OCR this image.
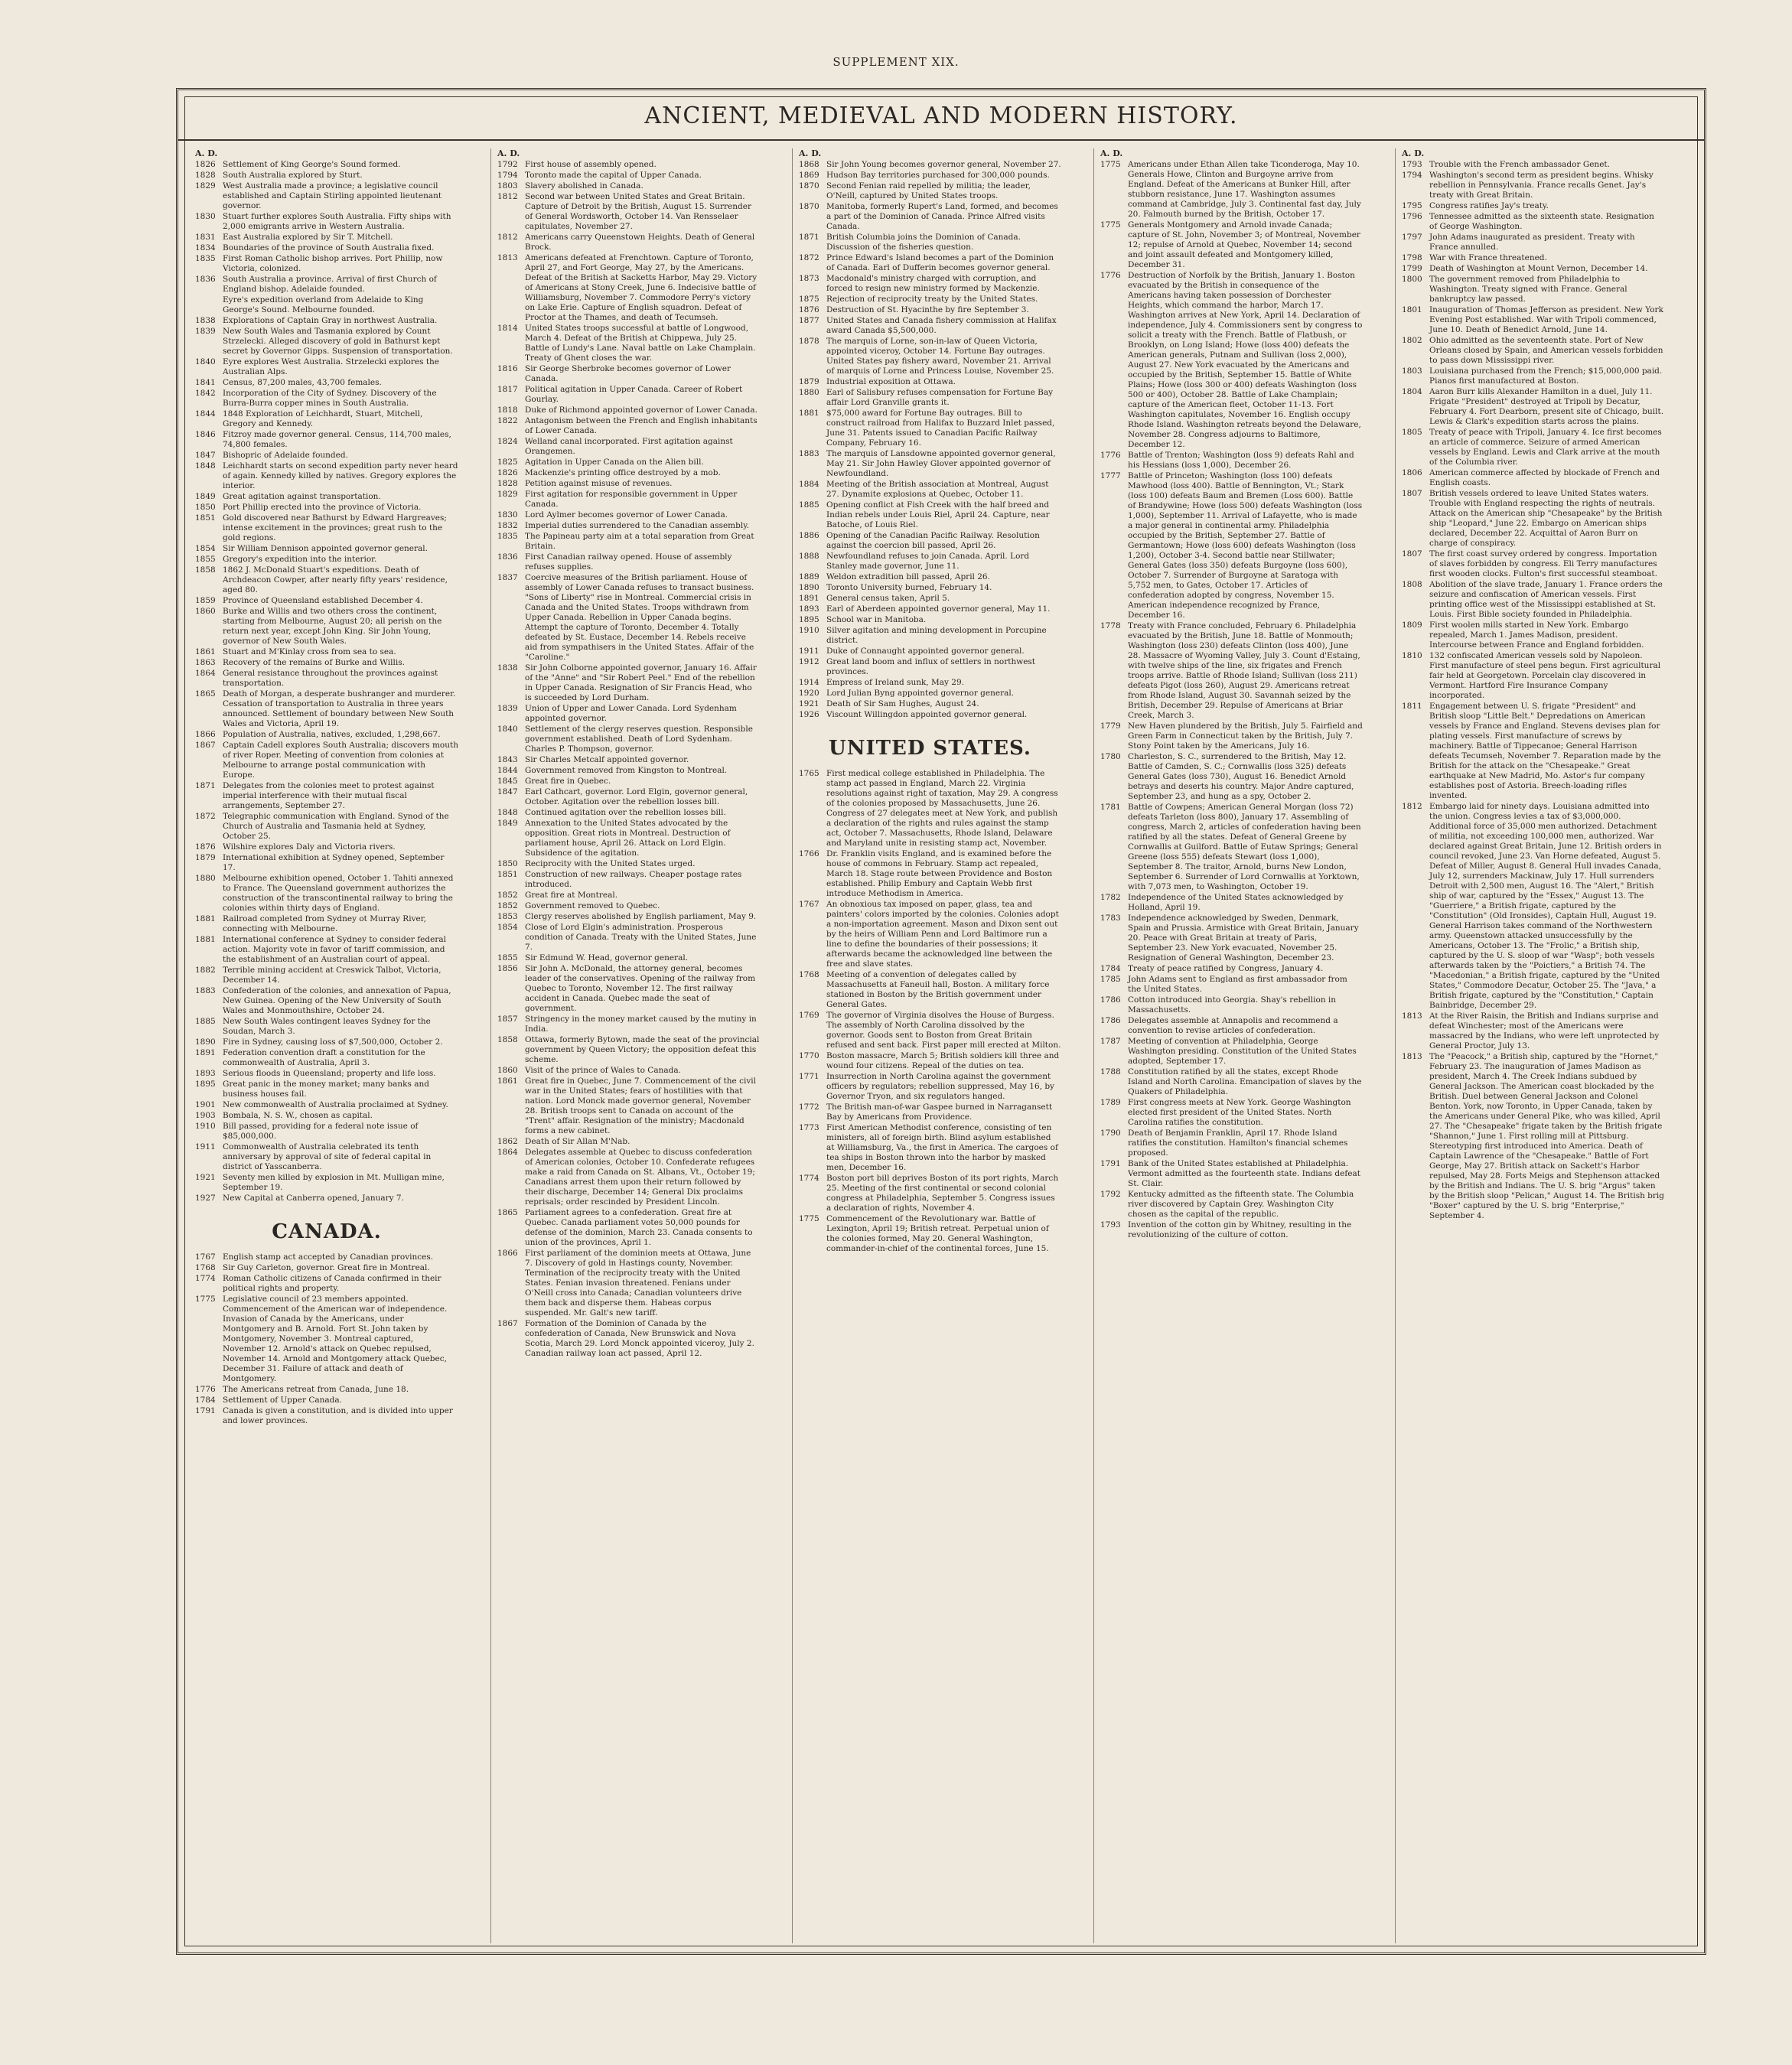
SUPPLEMENT XIX.
ANCIENT, MEDIEVAL AND MODERN HISTORY.
A. D.
1826 Settlement of King George's Sound formed.
1828 South Australia explored by Sturt.
1829 West Australia made a province; a legislative council established and Captain Stirling appointed lieutenant governor.
1830 Stuart further explores South Australia. Fifty ships with 2,000 emigrants arrive in Western Australia.
1831 East Australia explored by Sir T. Mitchell.
1834 Boundaries of the province of South Australia fixed.
1835 First Roman Catholic bishop arrives. Port Phillip, now Victoria, colonized.
1836 South Australia a province. Arrival of first Church of England bishop. Adelaide founded.
Eyre's expedition overland from Adelaide to King George's Sound. Melbourne founded.
1838 Explorations of Captain Gray in northwest Australia.
1839 New South Wales and Tasmania explored by Count Strzelecki. Alleged discovery of gold in Bathurst kept secret by Governor Gipps. Suspension of transportation.
1840 Eyre explores West Australia. Strzelecki explores the Australian Alps.
1841 Census, 87,200 males, 43,700 females.
1842 Incorporation of the City of Sydney. Discovery of the Burra-Burra copper mines in South Australia.
1844 1848 Exploration of Leichhardt, Stuart, Mitchell, Gregory and Kennedy.
1846 Fitzroy made governor general. Census, 114,700 males, 74,800 females.
1847 Bishopric of Adelaide founded.
1848 Leichhardt starts on second expedition party never heard of again. Kennedy killed by natives. Gregory explores the interior.
1849 Great agitation against transportation.
1850 Port Phillip erected into the province of Victoria.
1851 Gold discovered near Bathurst by Edward Hargreaves; intense excitement in the provinces; great rush to the gold regions.
1854 Sir William Dennison appointed governor general.
1855 Gregory's expedition into the interior.
1858 1862 J. McDonald Stuart's expeditions. Death of Archdeacon Cowper, after nearly fifty years' residence, aged 80.
1859 Province of Queensland established December 4.
1860 Burke and Willis and two others cross the continent, starting from Melbourne, August 20; all perish on the return next year, except John King. Sir John Young, governor of New South Wales.
1861 Stuart and M'Kinlay cross from sea to sea.
1863 Recovery of the remains of Burke and Willis.
1864 General resistance throughout the provinces against transportation.
1865 Death of Morgan, a desperate bushranger and murderer. Cessation of transportation to Australia in three years announced. Settlement of boundary between New South Wales and Victoria, April 19.
1866 Population of Australia, natives, excluded, 1,298,667.
1867 Captain Cadell explores South Australia; discovers mouth of river Roper. Meeting of convention from colonies at Melbourne to arrange postal communication with Europe.
1871 Delegates from the colonies meet to protest against imperial interference with their mutual fiscal arrangements, September 27.
1872 Telegraphic communication with England. Synod of the Church of Australia and Tasmania held at Sydney, October 25.
1876 Wilshire explores Daly and Victoria rivers.
1879 International exhibition at Sydney opened, September 17.
1880 Melbourne exhibition opened, October 1. Tahiti annexed to France. The Queensland government authorizes the construction of the transcontinental railway to bring the colonies within thirty days of England.
1881 Railroad completed from Sydney ot Murray River, connecting with Melbourne.
1881 International conference at Sydney to consider federal action. Majority vote in favor of tariff commission, and the establishment of an Australian court of appeal.
1882 Terrible mining accident at Creswick Talbot, Victoria, December 14.
1883 Confederation of the colonies, and annexation of Papua, New Guinea. Opening of the New University of South Wales and Monmouthshire, October 24.
1885 New South Wales contingent leaves Sydney for the Soudan, March 3.
1890 Fire in Sydney, causing loss of $7,500,000, October 2.
1891 Federation convention draft a constitution for the commonwealth of Australia, April 3.
1893 Serious floods in Queensland; property and life loss.
1895 Great panic in the money market; many banks and business houses fail.
1901 New commonwealth of Australia proclaimed at Sydney.
1903 Bombala, N. S. W., chosen as capital.
1910 Bill passed, providing for a federal note issue of $85,000,000.
1911 Commonwealth of Australia celebrated its tenth anniversary by approval of site of federal capital in district of Yasscanberra.
1921 Seventy men killed by explosion in Mt. Mulligan mine, September 19.
1927 New Capital at Canberra opened, January 7.
CANADA.
1767 English stamp act accepted by Canadian provinces.
1768 Sir Guy Carleton, governor. Great fire in Montreal.
1774 Roman Catholic citizens of Canada confirmed in their political rights and property.
1775 Legislative council of 23 members appointed. Commencement of the American war of independence. Invasion of Canada by the Americans, under Montgomery and B. Arnold. Fort St. John taken by Montgomery, November 3. Montreal captured, November 12. Arnold's attack on Quebec repulsed, November 14. Arnold and Montgomery attack Quebec, December 31. Failure of attack and death of Montgomery.
1776 The Americans retreat from Canada, June 18.
1784 Settlement of Upper Canada.
1791 Canada is given a constitution, and is divided into upper and lower provinces.
A. D.
1792 First house of assembly opened.
1794 Toronto made the capital of Upper Canada.
1803 Slavery abolished in Canada.
1812 Second war between United States and Great Britain. Capture of Detroit by the British, August 15. Surrender of General Wordsworth, October 14. Van Rensselaer capitulates, November 27.
1812 Americans carry Queenstown Heights. Death of General Brock.
1813 Americans defeated at Frenchtown. Capture of Toronto, April 27, and Fort George, May 27, by the Americans. Defeat of the British at Sacketts Harbor, May 29. Victory of Americans at Stony Creek, June 6. Indecisive battle of Williamsburg, November 7. Commodore Perry's victory on Lake Erie. Capture of English squadron. Defeat of Proctor at the Thames, and death of Tecumseh.
1814 United States troops successful at battle of Longwood, March 4. Defeat of the British at Chippewa, July 25. Battle of Lundy's Lane. Naval battle on Lake Champlain. Treaty of Ghent closes the war.
1816 Sir George Sherbroke becomes governor of Lower Canada.
1817 Political agitation in Upper Canada. Career of Robert Gourlay.
1818 Duke of Richmond appointed governor of Lower Canada.
1822 Antagonism between the French and English inhabitants of Lower Canada.
1824 Welland canal incorporated. First agitation against Orangemen.
1825 Agitation in Upper Canada on the Alien bill.
1826 Mackenzie's printing office destroyed by a mob.
1828 Petition against misuse of revenues.
1829 First agitation for responsible government in Upper Canada.
1830 Lord Aylmer becomes governor of Lower Canada.
1832 Imperial duties surrendered to the Canadian assembly.
1835 The Papineau party aim at a total separation from Great Britain.
1836 First Canadian railway opened. House of assembly refuses supplies.
1837 Coercive measures of the British parliament. House of assembly of Lower Canada refuses to transact business. "Sons of Liberty" rise in Montreal. Commercial crisis in Canada and the United States. Troops withdrawn from Upper Canada. Rebellion in Upper Canada begins. Attempt the capture of Toronto, December 4. Totally defeated by St. Eustace, December 14. Rebels receive aid from sympathisers in the United States. Affair of the "Caroline."
1838 Sir John Colborne appointed governor, January 16. Affair of the "Anne" and "Sir Robert Peel." End of the rebellion in Upper Canada. Resignation of Sir Francis Head, who is succeeded by Lord Durham.
1839 Union of Upper and Lower Canada. Lord Sydenham appointed governor.
1840 Settlement of the clergy reserves question. Responsible government established. Death of Lord Sydenham. Charles P. Thompson, governor.
1843 Sir Charles Metcalf appointed governor.
1844 Government removed from Kingston to Montreal.
1845 Great fire in Quebec.
1847 Earl Cathcart, governor. Lord Elgin, governor general, October. Agitation over the rebellion losses bill.
1848 Continued agitation over the rebellion losses bill.
1849 Annexation to the United States advocated by the opposition. Great riots in Montreal. Destruction of parliament house, April 26. Attack on Lord Elgin. Subsidence of the agitation.
1850 Reciprocity with the United States urged.
1851 Construction of new railways. Cheaper postage rates introduced.
1852 Great fire at Montreal.
1852 Government removed to Quebec.
1853 Clergy reserves abolished by English parliament, May 9.
1854 Close of Lord Elgin's administration. Prosperous condition of Canada. Treaty with the United States, June 7.
1855 Sir Edmund W. Head, governor general.
1856 Sir John A. McDonald, the attorney general, becomes leader of the conservatives. Opening of the railway from Quebec to Toronto, November 12. The first railway accident in Canada. Quebec made the seat of government.
1857 Stringency in the money market caused by the mutiny in India.
1858 Ottawa, formerly Bytown, made the seat of the provincial government by Queen Victory; the opposition defeat this scheme.
1860 Visit of the prince of Wales to Canada.
1861 Great fire in Quebec, June 7. Commencement of the civil war in the United States; fears of hostilities with that nation. Lord Monck made governor general, November 28. British troops sent to Canada on account of the "Trent" affair. Resignation of the ministry; Macdonald forms a new cabinet.
1862 Death of Sir Allan M'Nab.
1864 Delegates assemble at Quebec to discuss confederation of American colonies, October 10. Confederate refugees make a raid from Canada on St. Albans, Vt., October 19; Canadians arrest them upon their return followed by their discharge, December 14; General Dix proclaims reprisals; order rescinded by President Lincoln.
1865 Parliament agrees to a confederation. Great fire at Quebec. Canada parliament votes 50,000 pounds for defense of the dominion, March 23. Canada consents to union of the provinces, April 1.
1866 First parliament of the dominion meets at Ottawa, June 7. Discovery of gold in Hastings county, November. Termination of the reciprocity treaty with the United States. Fenian invasion threatened. Fenians under O'Neill cross into Canada; Canadian volunteers drive them back and disperse them. Habeas corpus suspended. Mr. Galt's new tariff.
1867 Formation of the Dominion of Canada by the confederation of Canada, New Brunswick and Nova Scotia, March 29. Lord Monck appointed viceroy, July 2. Canadian railway loan act passed, April 12.
A. D.
1868 Sir John Young becomes governor general, November 27.
1869 Hudson Bay territories purchased for 300,000 pounds.
1870 Second Fenian raid repelled by militia; the leader, O'Neill, captured by United States troops.
1870 Manitoba, formerly Rupert's Land, formed, and becomes a part of the Dominion of Canada. Prince Alfred visits Canada.
1871 British Columbia joins the Dominion of Canada. Discussion of the fisheries question.
1872 Prince Edward's Island becomes a part of the Dominion of Canada. Earl of Dufferin becomes governor general.
1873 Macdonald's ministry charged with corruption, and forced to resign new ministry formed by Mackenzie.
1875 Rejection of reciprocity treaty by the United States.
1876 Destruction of St. Hyacinthe by fire September 3.
1877 United States and Canada fishery commission at Halifax award Canada $5,500,000.
1878 The marquis of Lorne, son-in-law of Queen Victoria, appointed viceroy, October 14. Fortune Bay outrages. United States pay fishery award, November 21. Arrival of marquis of Lorne and Princess Louise, November 25.
1879 Industrial exposition at Ottawa.
1880 Earl of Salisbury refuses compensation for Fortune Bay affair Lord Granville grants it.
1881 $75,000 award for Fortune Bay outrages. Bill to construct railroad from Halifax to Buzzard Inlet passed, June 31. Patents issued to Canadian Pacific Railway Company, February 16.
1883 The marquis of Lansdowne appointed governor general, May 21. Sir John Hawley Glover appointed governor of Newfoundland.
1884 Meeting of the British association at Montreal, August 27. Dynamite explosions at Quebec, October 11.
1885 Opening conflict at Fish Creek with the half breed and Indian rebels under Louis Riel, April 24. Capture, near Batoche, of Louis Riel.
1886 Opening of the Canadian Pacific Railway. Resolution against the coercion bill passed, April 26.
1888 Newfoundland refuses to join Canada. April. Lord Stanley made governor, June 11.
1889 Weldon extradition bill passed, April 26.
1890 Toronto University burned, February 14.
1891 General census taken, April 5.
1893 Earl of Aberdeen appointed governor general, May 11.
1895 School war in Manitoba.
1910 Silver agitation and mining development in Porcupine district.
1911 Duke of Connaught appointed governor general.
1912 Great land boom and influx of settlers in northwest provinces.
1914 Empress of Ireland sunk, May 29.
1920 Lord Julian Byng appointed governor general.
1921 Death of Sir Sam Hughes, August 24.
1926 Viscount Willingdon appointed governor general.
UNITED STATES.
1765 First medical college established in Philadelphia. The stamp act passed in England, March 22. Virginia resolutions against right of taxation, May 29. A congress of the colonies proposed by Massachusetts, June 26. Congress of 27 delegates meet at New York, and publish a declaration of the rights and rules against the stamp act, October 7. Massachusetts, Rhode Island, Delaware and Maryland unite in resisting stamp act, November.
1766 Dr. Franklin visits England, and is examined before the house of commons in February. Stamp act repealed, March 18. Stage route between Providence and Boston established. Philip Embury and Captain Webb first introduce Methodism in America.
1767 An obnoxious tax imposed on paper, glass, tea and painters' colors imported by the colonies. Colonies adopt a non-importation agreement. Mason and Dixon sent out by the heirs of William Penn and Lord Baltimore run a line to define the boundaries of their possessions; it afterwards became the acknowledged line between the free and slave states.
1768 Meeting of a convention of delegates called by Massachusetts at Faneuil hall, Boston. A military force stationed in Boston by the British government under General Gates.
1769 The governor of Virginia disolves the House of Burgess. The assembly of North Carolina dissolved by the governor. Goods sent to Boston from Great Britain refused and sent back. First paper mill erected at Milton.
1770 Boston massacre, March 5; British soldiers kill three and wound four citizens. Repeal of the duties on tea.
1771 Insurrection in North Carolina against the government officers by regulators; rebellion suppressed, May 16, by Governor Tryon, and six regulators hanged.
1772 The British man-of-war Gaspee burned in Narragansett Bay by Americans from Providence.
1773 First American Methodist conference, consisting of ten ministers, all of foreign birth. Blind asylum established at Williamsburg, Va., the first in America. The cargoes of tea ships in Boston thrown into the harbor by masked men, December 16.
1774 Boston port bill deprives Boston of its port rights, March 25. Meeting of the first continental or second colonial congress at Philadelphia, September 5. Congress issues a declaration of rights, November 4.
1775 Commencement of the Revolutionary war. Battle of Lexington, April 19; British retreat. Perpetual union of the colonies formed, May 20. General Washington, commander-in-chief of the continental forces, June 15.
A. D.
1775 Americans under Ethan Allen take Ticonderoga, May 10. Generals Howe, Clinton and Burgoyne arrive from England. Defeat of the Americans at Bunker Hill, after stubborn resistance, June 17. Washington assumes command at Cambridge, July 3. Continental fast day, July 20. Falmouth burned by the British, October 17.
1775 Generals Montgomery and Arnold invade Canada; capture of St. John, November 3; of Montreal, November 12; repulse of Arnold at Quebec, November 14; second and joint assault defeated and Montgomery killed, December 31.
1776 Destruction of Norfolk by the British, January 1. Boston evacuated by the British in consequence of the Americans having taken possession of Dorchester Heights, which command the harbor, March 17. Washington arrives at New York, April 14. Declaration of independence, July 4. Commissioners sent by congress to solicit a treaty with the French. Battle of Flatbush, or Brooklyn, on Long Island; Howe (loss 400) defeats the American generals, Putnam and Sullivan (loss 2,000), August 27. New York evacuated by the Americans and occupied by the British, September 15. Battle of White Plains; Howe (loss 300 or 400) defeats Washington (loss 500 or 400), October 28. Battle of Lake Champlain; capture of the American fleet, October 11-13. Fort Washington capitulates, November 16. English occupy Rhode Island. Washington retreats beyond the Delaware, November 28. Congress adjourns to Baltimore, December 12.
1776 Battle of Trenton; Washington (loss 9) defeats Rahl and his Hessians (loss 1,000), December 26.
1777 Battle of Princeton; Washington (loss 100) defeats Mawhood (loss 400). Battle of Bennington, Vt.; Stark (loss 100) defeats Baum and Bremen (Loss 600). Battle of Brandywine; Howe (loss 500) defeats Washington (loss 1,000), September 11. Arrival of Lafayette, who is made a major general in continental army. Philadelphia occupied by the British, September 27. Battle of Germantown; Howe (loss 600) defeats Washington (loss 1,200), October 3-4. Second battle near Stillwater; General Gates (loss 350) defeats Burgoyne (loss 600), October 7. Surrender of Burgoyne at Saratoga with 5,752 men, to Gates, October 17. Articles of confederation adopted by congress, November 15. American independence recognized by France, December 16.
1778 Treaty with France concluded, February 6. Philadelphia evacuated by the British, June 18. Battle of Monmouth; Washington (loss 230) defeats Clinton (loss 400), June 28. Massacre of Wyoming Valley, July 3. Count d'Estaing, with twelve ships of the line, six frigates and French troops arrive. Battle of Rhode Island; Sullivan (loss 211) defeats Pigot (loss 260), August 29. Americans retreat from Rhode Island, August 30. Savannah seized by the British, December 29. Repulse of Americans at Briar Creek, March 3.
1779 New Haven plundered by the British, July 5. Fairfield and Green Farm in Connecticut taken by the British, July 7. Stony Point taken by the Americans, July 16.
1780 Charleston, S. C., surrendered to the British, May 12. Battle of Camden, S. C.; Cornwallis (loss 325) defeats General Gates (loss 730), August 16. Benedict Arnold betrays and deserts his country. Major Andre captured, September 23, and hung as a spy, October 2.
1781 Battle of Cowpens; American General Morgan (loss 72) defeats Tarleton (loss 800), January 17. Assembling of congress, March 2, articles of confederation having been ratified by all the states. Defeat of General Greene by Cornwallis at Guilford. Battle of Eutaw Springs; General Greene (loss 555) defeats Stewart (loss 1,000), September 8. The traitor, Arnold, burns New London, September 6. Surrender of Lord Cornwallis at Yorktown, with 7,073 men, to Washington, October 19.
1782 Independence of the United States acknowledged by Holland, April 19.
1783 Independence acknowledged by Sweden, Denmark, Spain and Prussia. Armistice with Great Britain, January 20. Peace with Great Britain at treaty of Paris, September 23. New York evacuated, November 25. Resignation of General Washington, December 23.
1784 Treaty of peace ratified by Congress, January 4.
1785 John Adams sent to England as first ambassador from the United States.
1786 Cotton introduced into Georgia. Shay's rebellion in Massachusetts.
1786 Delegates assemble at Annapolis and recommend a convention to revise articles of confederation.
1787 Meeting of convention at Philadelphia, George Washington presiding. Constitution of the United States adopted, September 17.
1788 Constitution ratified by all the states, except Rhode Island and North Carolina. Emancipation of slaves by the Quakers of Philadelphia.
1789 First congress meets at New York. George Washington elected first president of the United States. North Carolina ratifies the constitution.
1790 Death of Benjamin Franklin, April 17. Rhode Island ratifies the constitution. Hamilton's financial schemes proposed.
1791 Bank of the United States established at Philadelphia. Vermont admitted as the fourteenth state. Indians defeat St. Clair.
1792 Kentucky admitted as the fifteenth state. The Columbia river discovered by Captain Grey. Washington City chosen as the capital of the republic.
1793 Invention of the cotton gin by Whitney, resulting in the revolutionizing of the culture of cotton.
A. D.
1793 Trouble with the French ambassador Genet.
1794 Washington's second term as president begins. Whisky rebellion in Pennsylvania. France recalls Genet. Jay's treaty with Great Britain.
1795 Congress ratifies Jay's treaty.
1796 Tennessee admitted as the sixteenth state. Resignation of George Washington.
1797 John Adams inaugurated as president. Treaty with France annulled.
1798 War with France threatened.
1799 Death of Washington at Mount Vernon, December 14.
1800 The government removed from Philadelphia to Washington. Treaty signed with France. General bankruptcy law passed.
1801 Inauguration of Thomas Jefferson as president. New York Evening Post established. War with Tripoli commenced, June 10. Death of Benedict Arnold, June 14.
1802 Ohio admitted as the seventeenth state. Port of New Orleans closed by Spain, and American vessels forbidden to pass down Mississippi river.
1803 Louisiana purchased from the French; $15,000,000 paid. Pianos first manufactured at Boston.
1804 Aaron Burr kills Alexander Hamilton in a duel, July 11. Frigate "President" destroyed at Tripoli by Decatur, February 4. Fort Dearborn, present site of Chicago, built. Lewis & Clark's expedition starts across the plains.
1805 Treaty of peace with Tripoli, January 4. Ice first becomes an article of commerce. Seizure of armed American vessels by England. Lewis and Clark arrive at the mouth of the Columbia river.
1806 American commerce affected by blockade of French and English coasts.
1807 British vessels ordered to leave United States waters. Trouble with England respecting the rights of neutrals. Attack on the American ship "Chesapeake" by the British ship "Leopard," June 22. Embargo on American ships declared, December 22. Acquittal of Aaron Burr on charge of conspiracy.
1807 The first coast survey ordered by congress. Importation of slaves forbidden by congress. Eli Terry manufactures first wooden clocks. Fulton's first successful steamboat.
1808 Abolition of the slave trade, January 1. France orders the seizure and confiscation of American vessels. First printing office west of the Mississippi established at St. Louis. First Bible society founded in Philadelphia.
1809 First woolen mills started in New York. Embargo repealed, March 1. James Madison, president. Intercourse between France and England forbidden.
1810 132 confiscated American vessels sold by Napoleon. First manufacture of steel pens begun. First agricultural fair held at Georgetown. Porcelain clay discovered in Vermont. Hartford Fire Insurance Company incorporated.
1811 Engagement between U. S. frigate "President" and British sloop "Little Belt." Depredations on American vessels by France and England. Stevens devises plan for plating vessels. First manufacture of screws by machinery. Battle of Tippecanoe; General Harrison defeats Tecumseh, November 7. Reparation made by the British for the attack on the "Chesapeake." Great earthquake at New Madrid, Mo. Astor's fur company establishes post of Astoria. Breech-loading rifles invented.
1812 Embargo laid for ninety days. Louisiana admitted into the union. Congress levies a tax of $3,000,000. Additional force of 35,000 men authorized. Detachment of militia, not exceeding 100,000 men, authorized. War declared against Great Britain, June 12. British orders in council revoked, June 23. Van Horne defeated, August 5. Defeat of Miller, August 8. General Hull invades Canada, July 12, surrenders Mackinaw, July 17. Hull surrenders Detroit with 2,500 men, August 16. The "Alert," British ship of war, captured by the "Essex," August 13. The "Guerriere," a British frigate, captured by the "Constitution" (Old Ironsides), Captain Hull, August 19. General Harrison takes command of the Northwestern army. Queenstown attacked unsuccessfully by the Americans, October 13. The "Frolic," a British ship, captured by the U. S. sloop of war "Wasp"; both vessels afterwards taken by the "Poictiers," a British 74. The "Macedonian," a British frigate, captured by the "United States," Commodore Decatur, October 25. The "Java," a British frigate, captured by the "Constitution," Captain Bainbridge, December 29.
1813 At the River Raisin, the British and Indians surprise and defeat Winchester; most of the Americans were massacred by the Indians, who were left unprotected by General Proctor, July 13.
1813 The "Peacock," a British ship, captured by the "Hornet," February 23. The inauguration of James Madison as president, March 4. The Creek Indians subdued by General Jackson. The American coast blockaded by the British. Duel between General Jackson and Colonel Benton. York, now Toronto, in Upper Canada, taken by the Americans under General Pike, who was killed, April 27. The "Chesapeake" frigate taken by the British frigate "Shannon," June 1. First rolling mill at Pittsburg. Stereotyping first introduced into America. Death of Captain Lawrence of the "Chesapeake." Battle of Fort George, May 27. British attack on Sackett's Harbor repulsed, May 28. Forts Meigs and Stephenson attacked by the British and Indians. The U. S. brig "Argus" taken by the British sloop "Pelican," August 14. The British brig "Boxer" captured by the U. S. brig "Enterprise," September 4.
